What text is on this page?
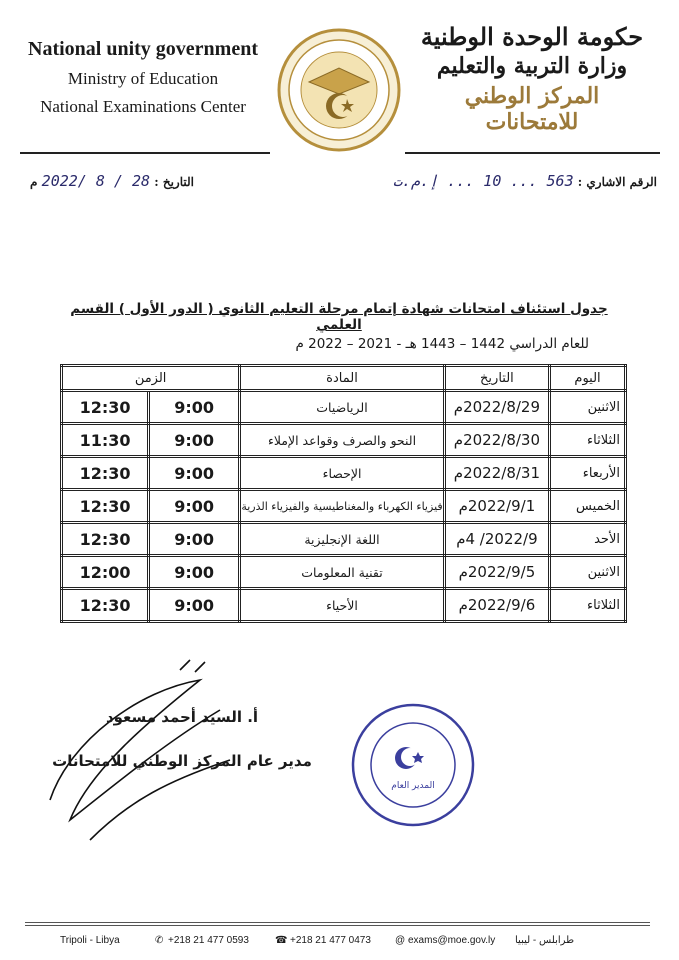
National unity government
Ministry of Education
National Examinations Center
حكومة الوحدة الوطنية
وزارة التربية والتعليم
المركز الوطني للامتحانات
الرقم الاشاري : 563 ... 10 ... إ.م.ت
التاريخ : 2022/ 8 / 28 م
جدول استئناف امتحانات شهادة إتمام مرحلة التعليم الثانوي ( الدور الأول ) القسم العلمي
للعام الدراسي 1442 – 1443 هـ - 2021 – 2022 م
اليوم	التاريخ	المادة	الزمن	
الاثنين	2022/8/29م	الرياضيات	9:00	12:30
الثلاثاء	2022/8/30م	النحو والصرف وقواعد الإملاء	9:00	11:30
الأربعاء	2022/8/31م	الإحصاء	9:00	12:30
الخميس	2022/9/1م	فيزياء الكهرباء والمغناطيسية والفيزياء الذرية	9:00	12:30
الأحد	2022/9/ 4م	اللغة الإنجليزية	9:00	12:30
الاثنين	2022/9/5م	تقنية المعلومات	9:00	12:00
الثلاثاء	2022/9/6م	الأحياء	9:00	12:30
أ. السيد أحمد مسعود
مدير عام المركز الوطني للامتحانات
المدير العام
Tripoli - Libya	✆ +218 21 477 0593	☎ +218 21 477 0473 @ exams@moe.gov.ly طرابلس - ليبيا
